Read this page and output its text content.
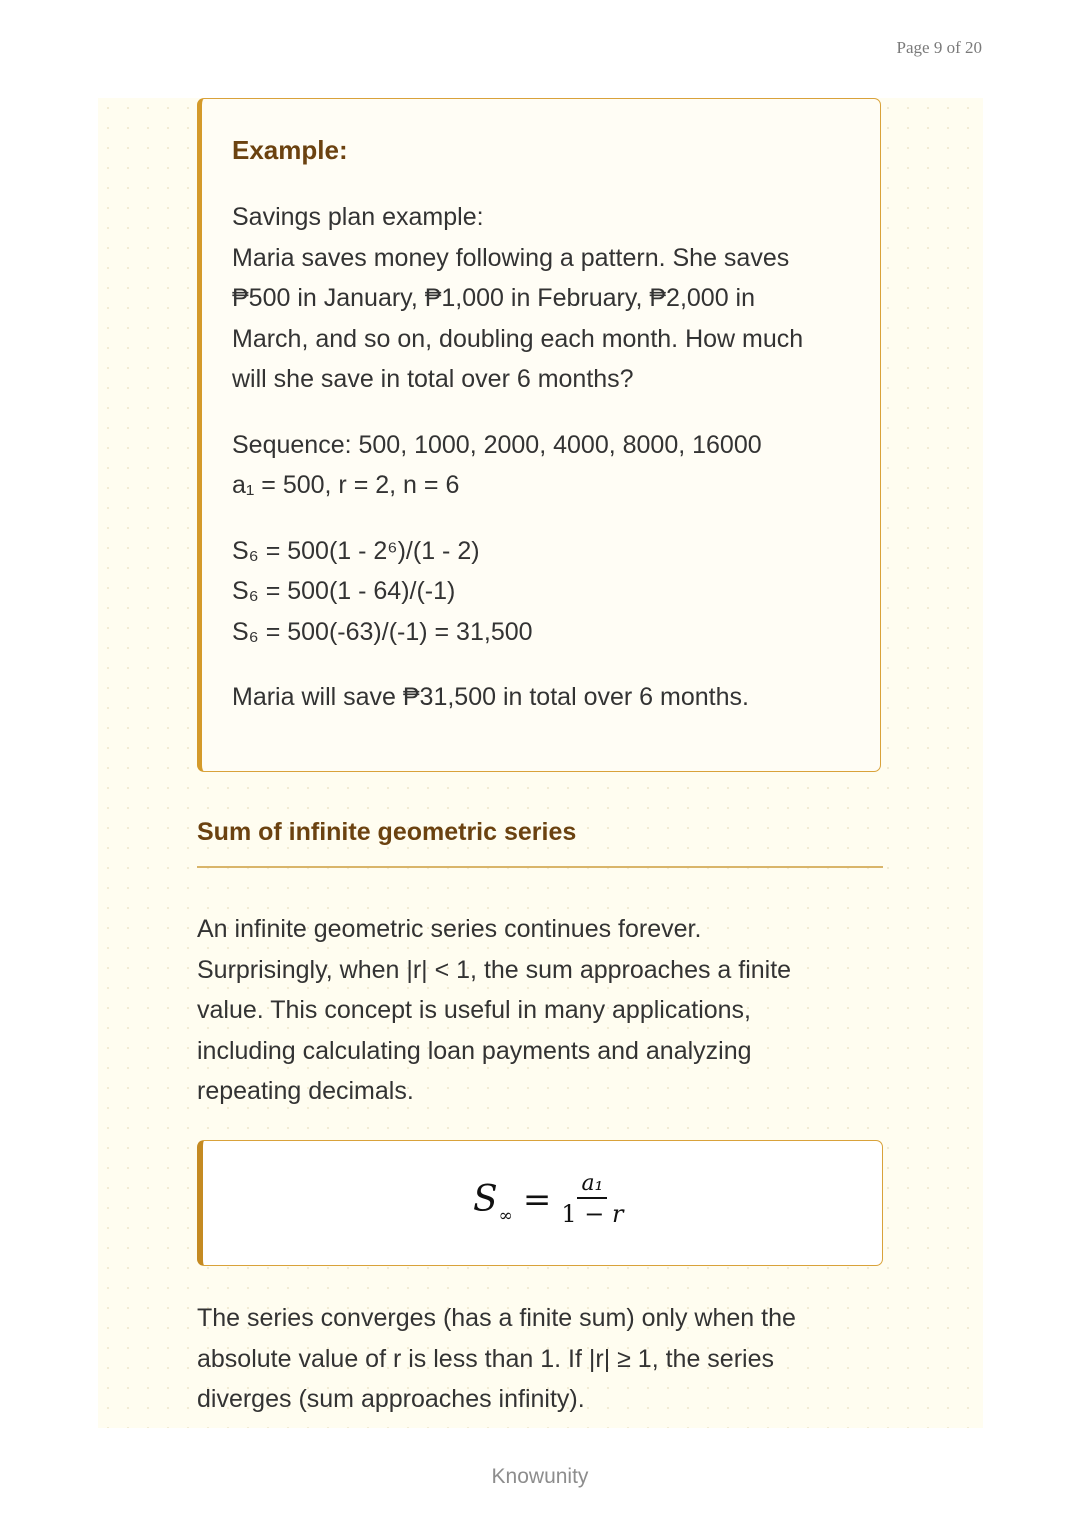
Page 9 of 20
Example:

Savings plan example:

Maria saves money following a pattern. She saves

₱500 in January, ₱1,000 in February, ₱2,000 in

March, and so on, doubling each month. How much

will she save in total over 6 months?

Sequence: 500, 1000, 2000, 4000, 8000, 16000

a₁ = 500, r = 2, n = 6

S₆ = 500(1 - 2⁶)/(1 - 2)

S₆ = 500(1 - 64)/(-1)

S₆ = 500(-63)/(-1) = 31,500

Maria will save ₱31,500 in total over 6 months.

Sum of infinite geometric series
An infinite geometric series continues forever.
Surprisingly, when |r| < 1, the sum approaches a finite
value. This concept is useful in many applications,
including calculating loan payments and analyzing
repeating decimals.
$S_\infty = \frac{\text{a₁}}{1 - r}$
The series converges (has a finite sum) only when the
absolute value of r is less than 1. If |r| ≥ 1, the series
diverges (sum approaches infinity).
Knowunity
